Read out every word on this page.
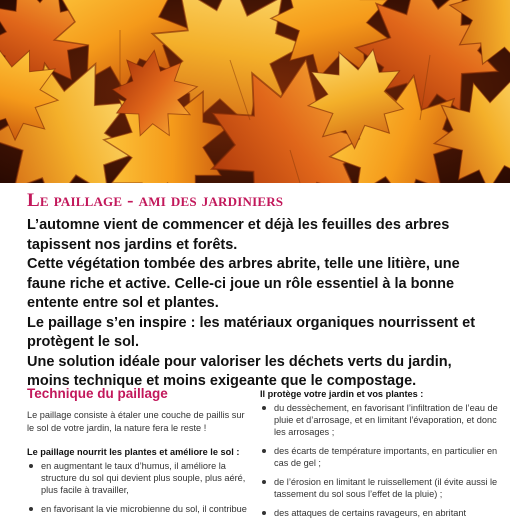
Le paillage - ami des jardiniers

L’automne vient de commencer et déjà les feuilles des arbres tapissent nos jardins et forêts.

Cette végétation tombée des arbres abrite, telle une litière, une faune riche et active. Celle-ci joue un rôle essentiel à la bonne entente entre sol et plantes.

Le paillage s’en inspire : les matériaux organiques nourrissent et protègent le sol.

Une solution idéale pour valoriser les déchets verts du jardin, moins technique et moins exigeante que le compostage.

Technique du paillage

Le paillage consiste à étaler une couche de paillis sur le sol de votre jardin, la nature fera le reste !

Le paillage nourrit les plantes et améliore le sol :

en augmentant le taux d’humus, il améliore la structure du sol qui devient plus souple, plus aéré, plus facile à travailler,
en favorisant la vie microbienne du sol, il contribue

Il protège votre jardin et vos plantes :

du dessèchement, en favorisant l’infiltration de l’eau de pluie et d’arrosage, et en limitant l’évaporation, et donc les arrosages ;
des écarts de température importants, en particulier en cas de gel ;
de l’érosion en limitant le ruissellement (il évite aussi le tassement du sol sous l’effet de la pluie) ;
des attaques de certains ravageurs, en abritant
